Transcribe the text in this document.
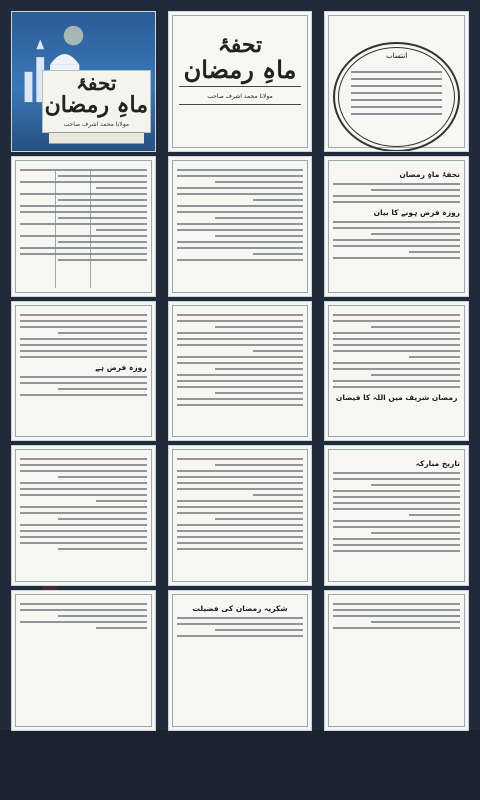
تحفۂ
ماہِ رمضان
مولانا محمد اشرف صاحب
تحفۂ
ماہِ رمضان
مولانا محمد اشرف صاحب
انتساب
تحفۂ ماہِ رمضان
روزہ فرض ہونے کا بیان
روزہ فرض ہے
رمضان شریف میں اللہ کا فیضان
تاریخ مبارکہ
شکریہ رمضان کی فضیلت
